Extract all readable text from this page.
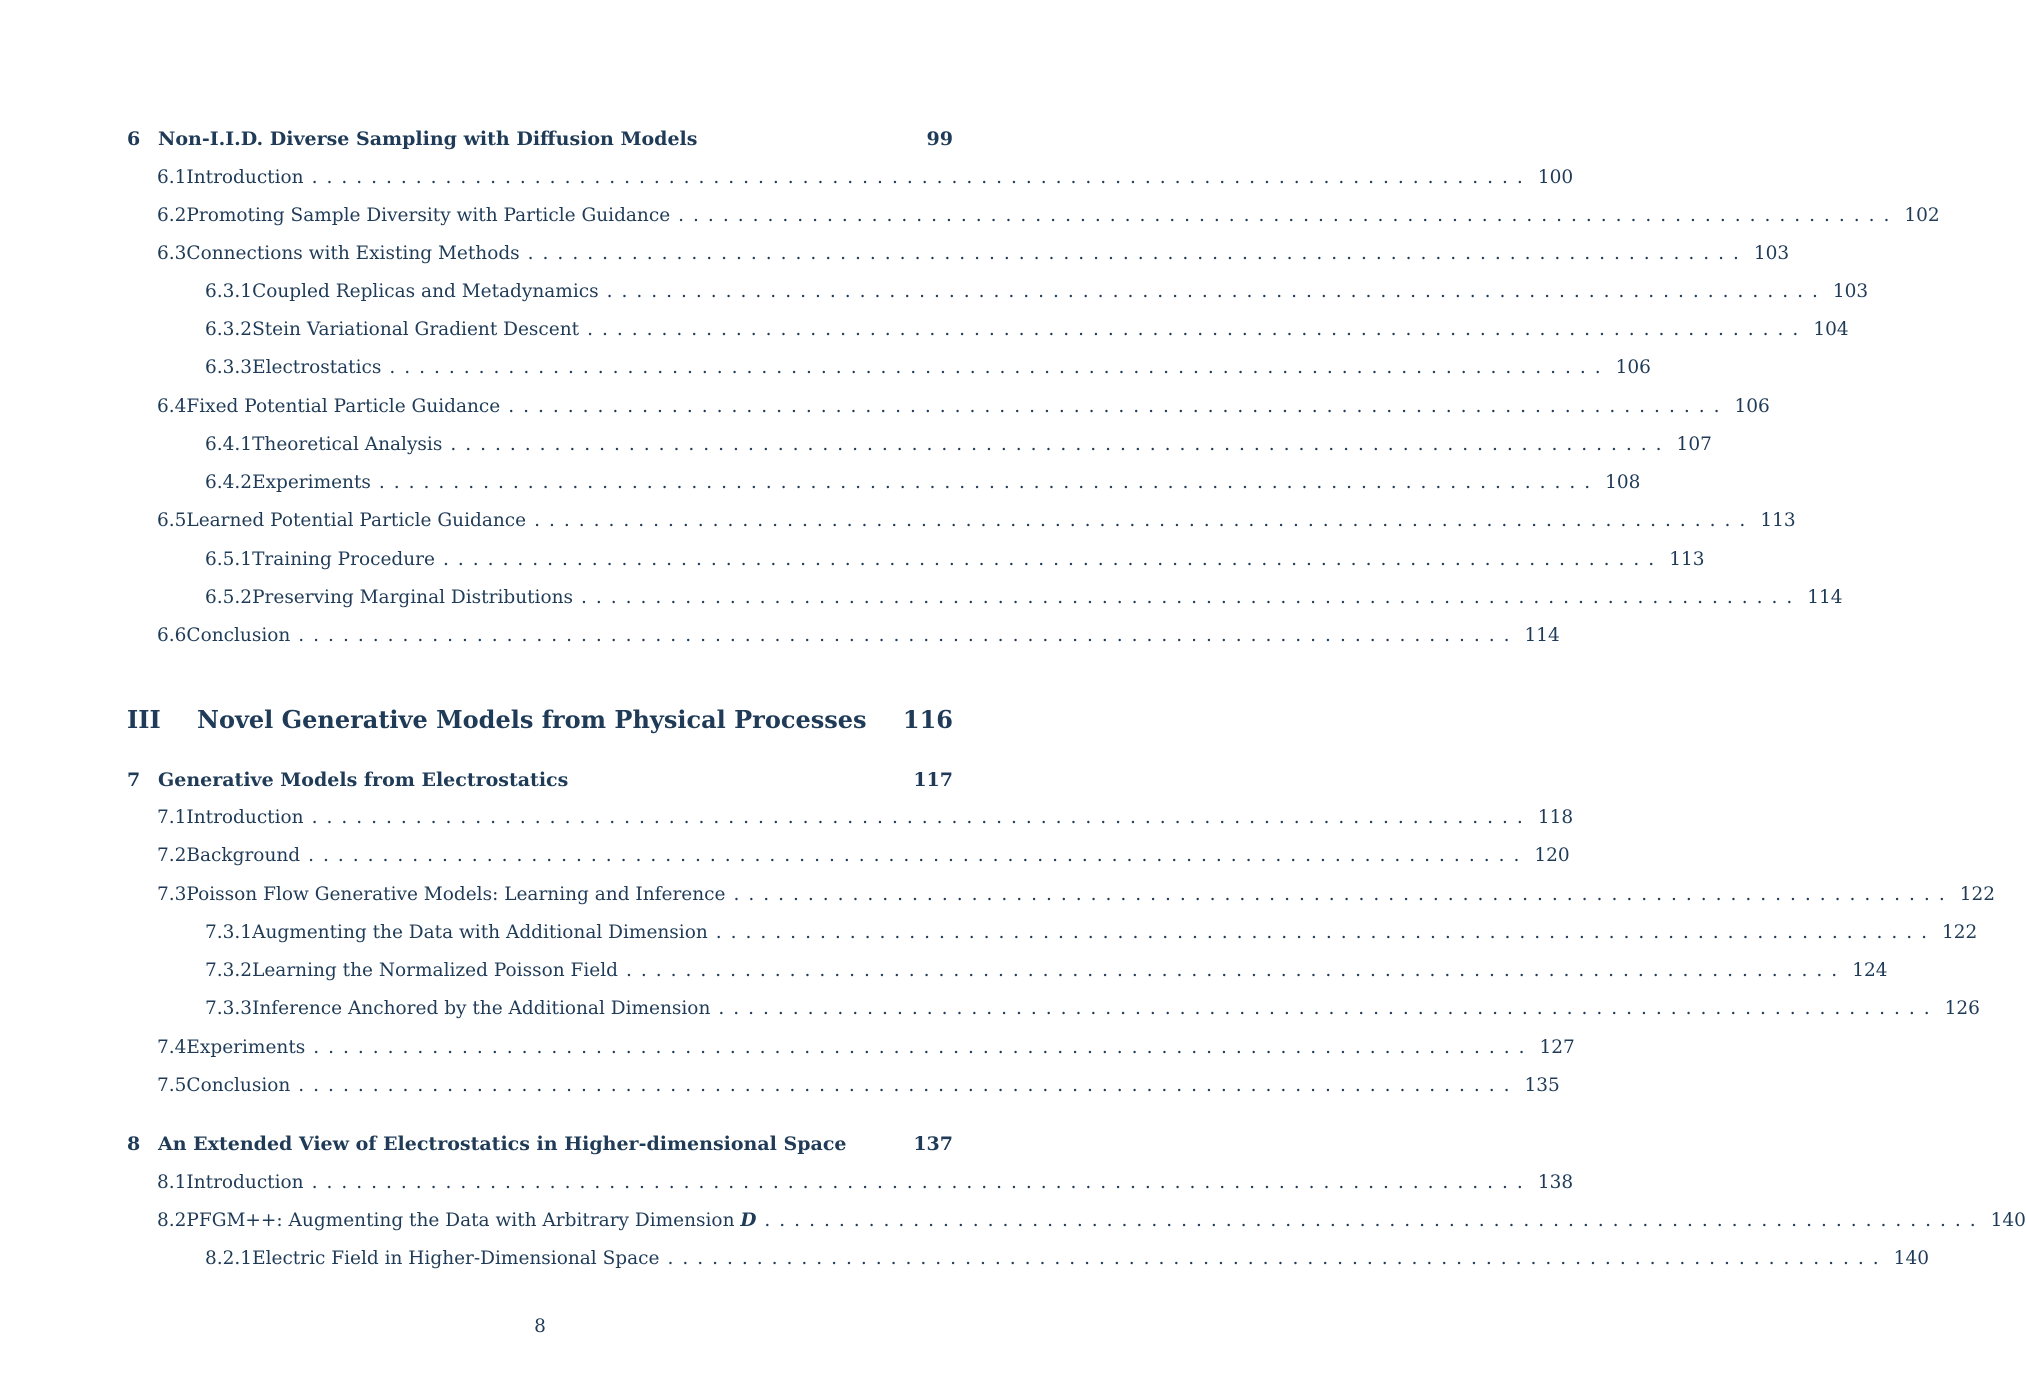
6 Non-I.I.D. Diverse Sampling with Diffusion Models	99
6.1 Introduction .................................................................................. 100
6.2 Promoting Sample Diversity with Particle Guidance .................................................................................. 102
6.3 Connections with Existing Methods .................................................................................. 103
6.3.1 Coupled Replicas and Metadynamics .................................................................................. 103
6.3.2 Stein Variational Gradient Descent .................................................................................. 104
6.3.3 Electrostatics .................................................................................. 106
6.4 Fixed Potential Particle Guidance .................................................................................. 106
6.4.1 Theoretical Analysis .................................................................................. 107
6.4.2 Experiments .................................................................................. 108
6.5 Learned Potential Particle Guidance .................................................................................. 113
6.5.1 Training Procedure .................................................................................. 113
6.5.2 Preserving Marginal Distributions .................................................................................. 114
6.6 Conclusion .................................................................................. 114
III	Novel Generative Models from Physical Processes	116
7 Generative Models from Electrostatics	117
7.1 Introduction .................................................................................. 118
7.2 Background .................................................................................. 120
7.3 Poisson Flow Generative Models: Learning and Inference .................................................................................. 122
7.3.1 Augmenting the Data with Additional Dimension .................................................................................. 122
7.3.2 Learning the Normalized Poisson Field .................................................................................. 124
7.3.3 Inference Anchored by the Additional Dimension .................................................................................. 126
7.4 Experiments .................................................................................. 127
7.5 Conclusion .................................................................................. 135
8 An Extended View of Electrostatics in Higher-dimensional Space	137
8.1 Introduction .................................................................................. 138
8.2 PFGM++: Augmenting the Data with Arbitrary Dimension D .................................................................................. 140
8.2.1 Electric Field in Higher-Dimensional Space .................................................................................. 140
8
